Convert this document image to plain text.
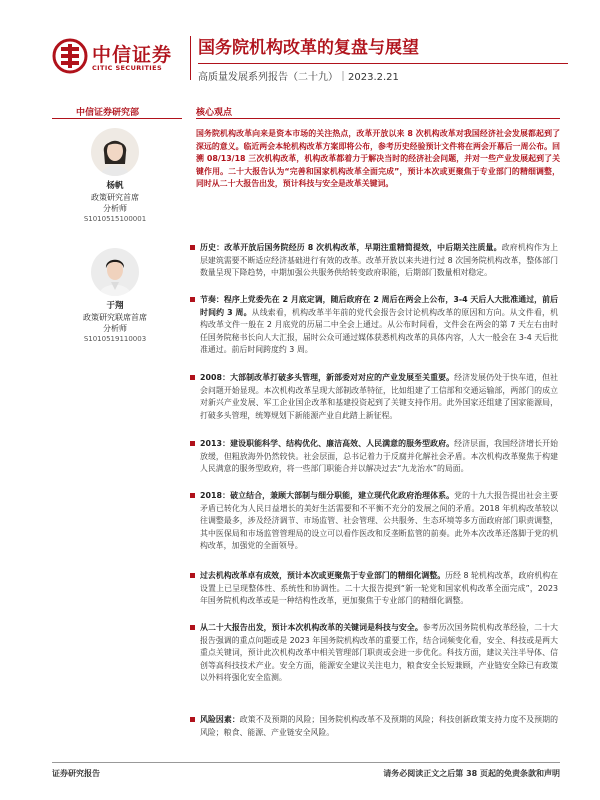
中信证券
CITIC SECURITIES
国务院机构改革的复盘与展望
高质量发展系列报告（二十九）｜2023.2.21
中信证券研究部
杨帆
政策研究首席
分析师
S1010515100001
于翔
政策研究联席首席
分析师
S1010519110003
核心观点
国务院机构改革向来是资本市场的关注热点，改革开放以来 8 次机构改革对我国经济社会发展都起到了深远的意义。临近两会本轮机构改革方案即将公布，参考历史经验预计文件将在两会开幕后一周公布。回溯 08/13/18 三次机构改革，机构改革都着力于解决当时的经济社会问题，并对一些产业发展起到了关键作用。二十大报告认为“完善和国家机构改革全面完成”，预计本次或更聚焦于专业部门的精细调整，同时从二十大报告出发，预计科技与安全是改革关键词。
历史：改革开放后国务院经历 8 次机构改革，早期注重精简提效，中后期关注质量。政府机构作为上层建筑需要不断适应经济基础进行有效的改革。改革开放以来共进行过 8 次国务院机构改革，整体部门数量呈现下降趋势，中期加强公共服务供给转变政府职能，后期部门数量相对稳定。
节奏：程序上党委先在 2 月底定调，随后政府在 2 周后在两会上公布，3-4 天后人大批准通过，前后时间约 3 周。从线索看，机构改革半年前的党代会报告会讨论机构改革的原因和方向。从文件看，机构改革文件一般在 2 月底党的历届二中全会上通过。从公布时间看，文件会在两会的第 7 天左右由时任国务院秘书长向人大汇报，届时公众可通过媒体获悉机构改革的具体内容，人大一般会在 3-4 天后批准通过。前后时间跨度约 3 周。
2008：大部制改革打破多头管理，新部委对对应的产业发展至关重要。经济发展仍处于快车道，但社会问题开始显现。本次机构改革呈现大部制改革特征，比如组建了工信部和交通运输部，两部门的成立对新兴产业发展、军工企业国企改革和基建投资起到了关键支持作用。此外国家还组建了国家能源局，打破多头管理，统筹规划下新能源产业自此踏上新征程。
2013：建设职能科学、结构优化、廉洁高效、人民满意的服务型政府。经济层面，我国经济增长开始放缓，但粗放海外仍然较快。社会层面，总书记着力于反腐并化解社会矛盾。本次机构改革聚焦于构建人民满意的服务型政府，将一些部门职能合并以解决过去“九龙治水”的局面。
2018：破立结合，兼顾大部制与细分职能，建立现代化政府治理体系。党的十九大报告提出社会主要矛盾已转化为人民日益增长的美好生活需要和不平衡不充分的发展之间的矛盾。2018 年机构改革较以往调整最多，涉及经济调节、市场监管、社会管理、公共服务、生态环境等多方面政府部门职责调整，其中医保局和市场监管管理局的设立可以看作医改和反垄断监管的前奏。此外本次改革还落脚于党的机构改革，加强党的全面领导。
过去机构改革卓有成效，预计本次或更聚焦于专业部门的精细化调整。历经 8 轮机构改革，政府机构在设置上已呈现整体性、系统性和协调性。二十大报告提到“新一轮党和国家机构改革全面完成”，2023 年国务院机构改革或是一种结构性改革，更加聚焦于专业部门的精细化调整。
从二十大报告出发，预计本次机构改革的关键词是科技与安全。参考历次国务院机构改革经验，二十大报告强调的重点问题或是 2023 年国务院机构改革的重要工作，结合词频变化看，安全、科技或是两大重点关键词，预计此次机构改革中相关管理部门职责或会进一步优化。科技方面，建议关注半导体、信创等高科技技术产业。安全方面，能源安全建议关注电力，粮食安全长短兼顾，产业链安全除已有政策以外料将强化安全监测。
风险因素：政策不及预期的风险；国务院机构改革不及预期的风险；科技创新政策支持力度不及预期的风险；粮食、能源、产业链安全风险。
证券研究报告	请务必阅读正文之后第 38 页起的免责条款和声明
